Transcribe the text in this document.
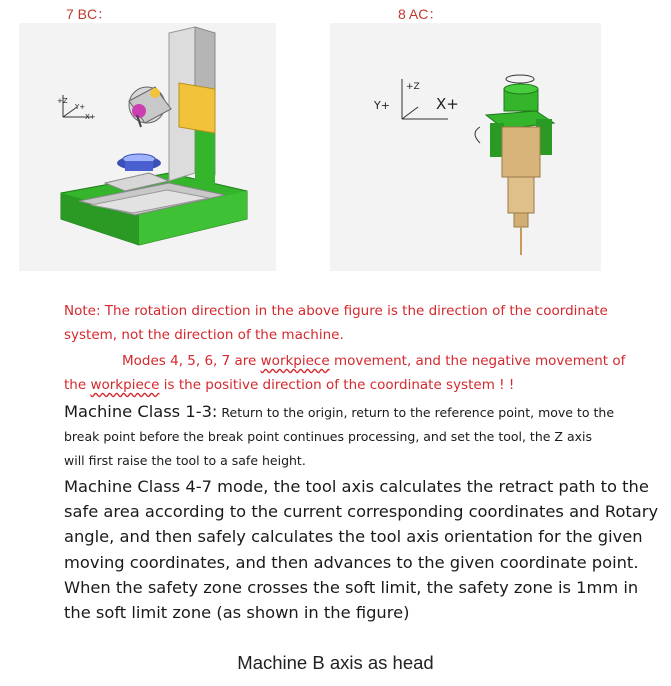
7 BC：	8 AC：
+Z
Y+
X+
+Z
Y+	X+
Note: The rotation direction in the above figure is the direction of the coordinate
system, not the direction of the machine.
Modes 4, 5, 6, 7 are workpiece movement, and the negative movement of
the workpiece is the positive direction of the coordinate system ! !
Machine Class 1-3: Return to the origin, return to the reference point, move to the
break point before the break point continues processing, and set the tool, the Z axis
will first raise the tool to a safe height.
Machine Class 4-7 mode, the tool axis calculates the retract path to the
safe area according to the current corresponding coordinates and Rotary
angle, and then safely calculates the tool axis orientation for the given
moving coordinates, and then advances to the given coordinate point.
When the safety zone crosses the soft limit, the safety zone is 1mm in
the soft limit zone (as shown in the figure)
Machine B axis as head
